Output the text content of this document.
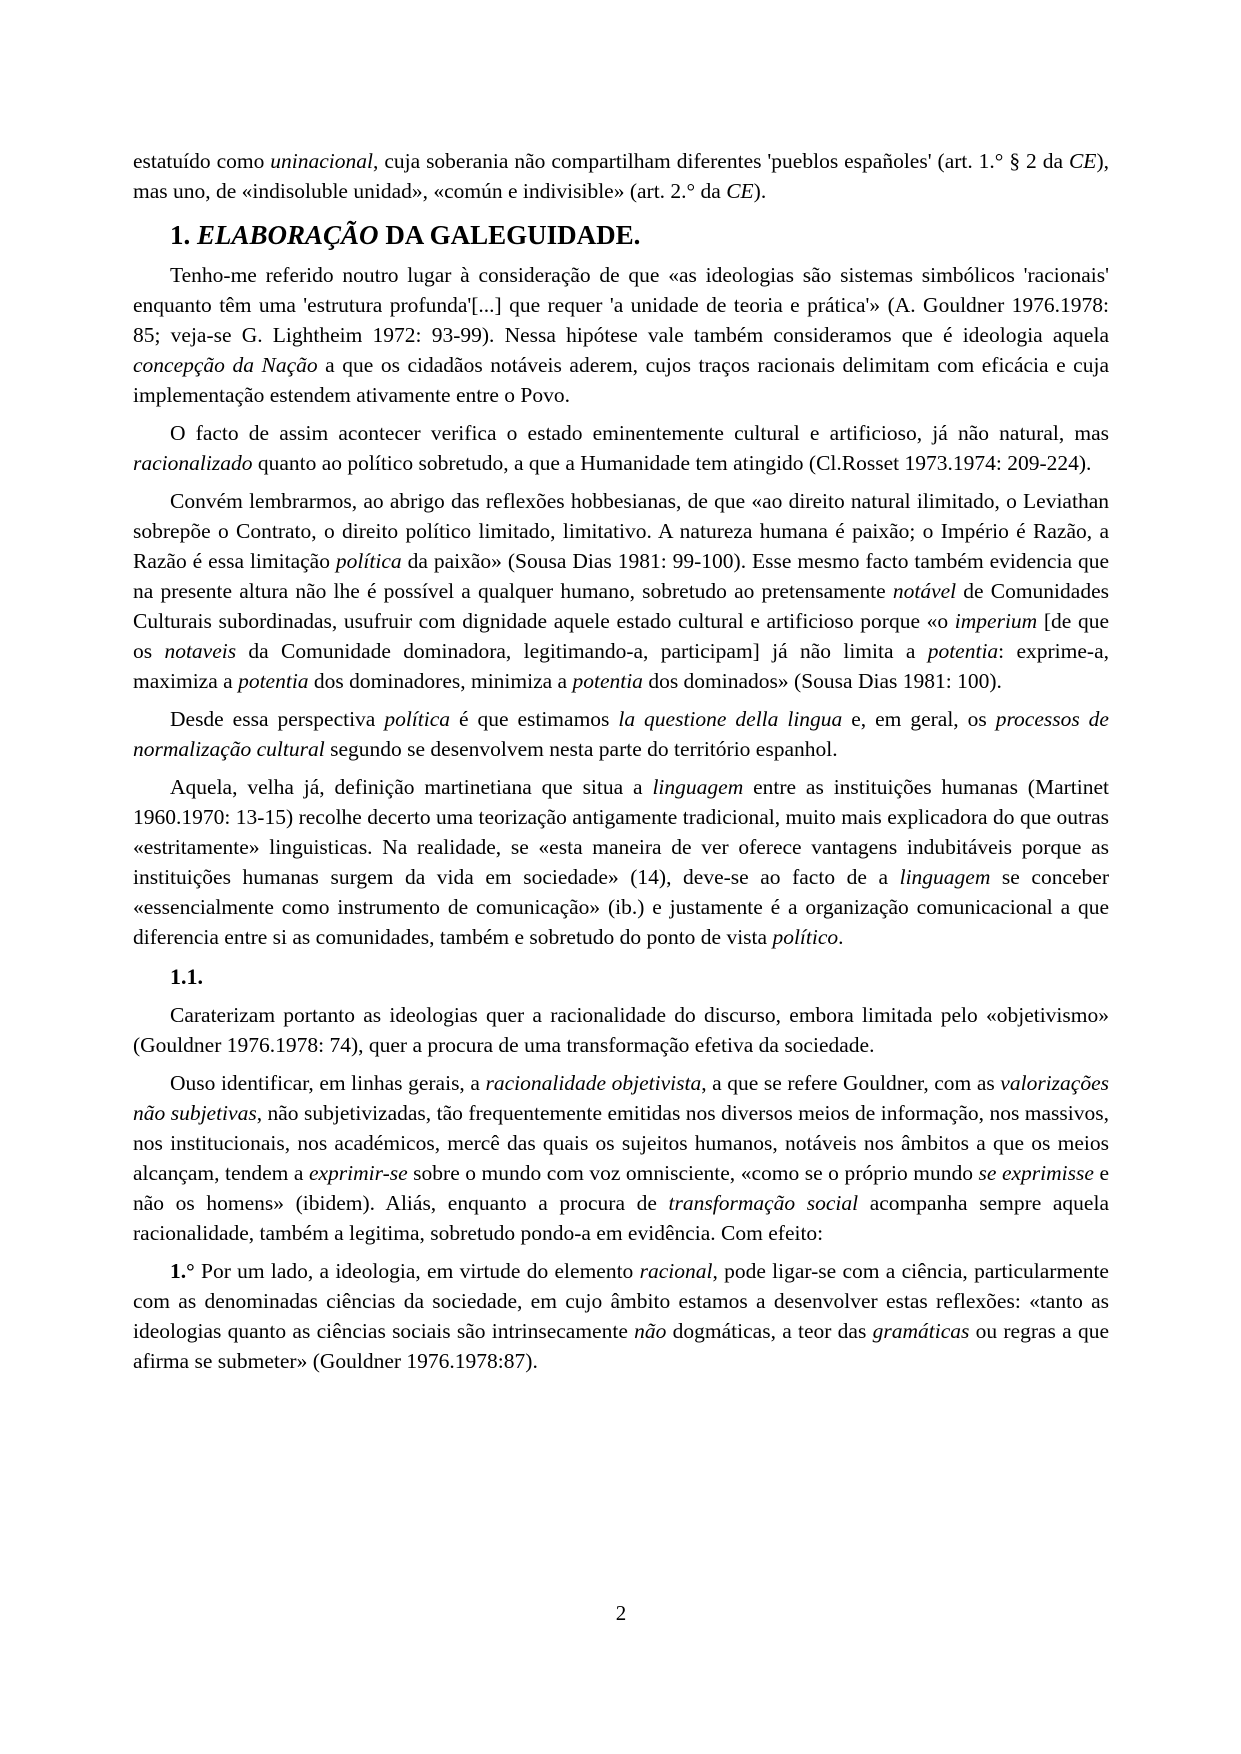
estatuído como uninacional, cuja soberania não compartilham diferentes 'pueblos españoles' (art. 1.° § 2 da CE), mas uno, de «indisoluble unidad», «común e indivisible» (art. 2.° da CE).

1. ELABORAÇÃO DA GALEGUIDADE.

Tenho-me referido noutro lugar à consideração de que «as ideologias são sistemas simbólicos 'racionais' enquanto têm uma 'estrutura profunda'[...] que requer 'a unidade de teoria e prática'» (A. Gouldner 1976.1978: 85; veja-se G. Lightheim 1972: 93-99). Nessa hipótese vale também consideramos que é ideologia aquela concepção da Nação a que os cidadãos notáveis aderem, cujos traços racionais delimitam com eficácia e cuja implementação estendem ativamente entre o Povo.

O facto de assim acontecer verifica o estado eminentemente cultural e artificioso, já não natural, mas racionalizado quanto ao político sobretudo, a que a Humanidade tem atingido (Cl.Rosset 1973.1974: 209-224).

Convém lembrarmos, ao abrigo das reflexões hobbesianas, de que «ao direito natural ilimitado, o Leviathan sobrepõe o Contrato, o direito político limitado, limitativo. A natureza humana é paixão; o Império é Razão, a Razão é essa limitação política da paixão» (Sousa Dias 1981: 99-100). Esse mesmo facto também evidencia que na presente altura não lhe é possível a qualquer humano, sobretudo ao pretensamente notável de Comunidades Culturais subordinadas, usufruir com dignidade aquele estado cultural e artificioso porque «o imperium [de que os notaveis da Comunidade dominadora, legitimando-a, participam] já não limita a potentia: exprime-a, maximiza a potentia dos dominadores, minimiza a potentia dos dominados» (Sousa Dias 1981: 100).

Desde essa perspectiva política é que estimamos la questione della lingua e, em geral, os processos de normalização cultural segundo se desenvolvem nesta parte do território espanhol.

Aquela, velha já, definição martinetiana que situa a linguagem entre as instituições humanas (Martinet 1960.1970: 13-15) recolhe decerto uma teorização antigamente tradicional, muito mais explicadora do que outras «estritamente» linguisticas. Na realidade, se «esta maneira de ver oferece vantagens indubitáveis porque as instituições humanas surgem da vida em sociedade» (14), deve-se ao facto de a linguagem se conceber «essencialmente como instrumento de comunicação» (ib.) e justamente é a organização comunicacional a que diferencia entre si as comunidades, também e sobretudo do ponto de vista político.

1.1.

Caraterizam portanto as ideologias quer a racionalidade do discurso, embora limitada pelo «objetivismo» (Gouldner 1976.1978: 74), quer a procura de uma transformação efetiva da sociedade.

Ouso identificar, em linhas gerais, a racionalidade objetivista, a que se refere Gouldner, com as valorizações não subjetivas, não subjetivizadas, tão frequentemente emitidas nos diversos meios de informação, nos massivos, nos institucionais, nos académicos, mercê das quais os sujeitos humanos, notáveis nos âmbitos a que os meios alcançam, tendem a exprimir-se sobre o mundo com voz omnisciente, «como se o próprio mundo se exprimisse e não os homens» (ibidem). Aliás, enquanto a procura de transformação social acompanha sempre aquela racionalidade, também a legitima, sobretudo pondo-a em evidência. Com efeito:

1.° Por um lado, a ideologia, em virtude do elemento racional, pode ligar-se com a ciência, particularmente com as denominadas ciências da sociedade, em cujo âmbito estamos a desenvolver estas reflexões: «tanto as ideologias quanto as ciências sociais são intrinsecamente não dogmáticas, a teor das gramáticas ou regras a que afirma se submeter» (Gouldner 1976.1978:87).

2
